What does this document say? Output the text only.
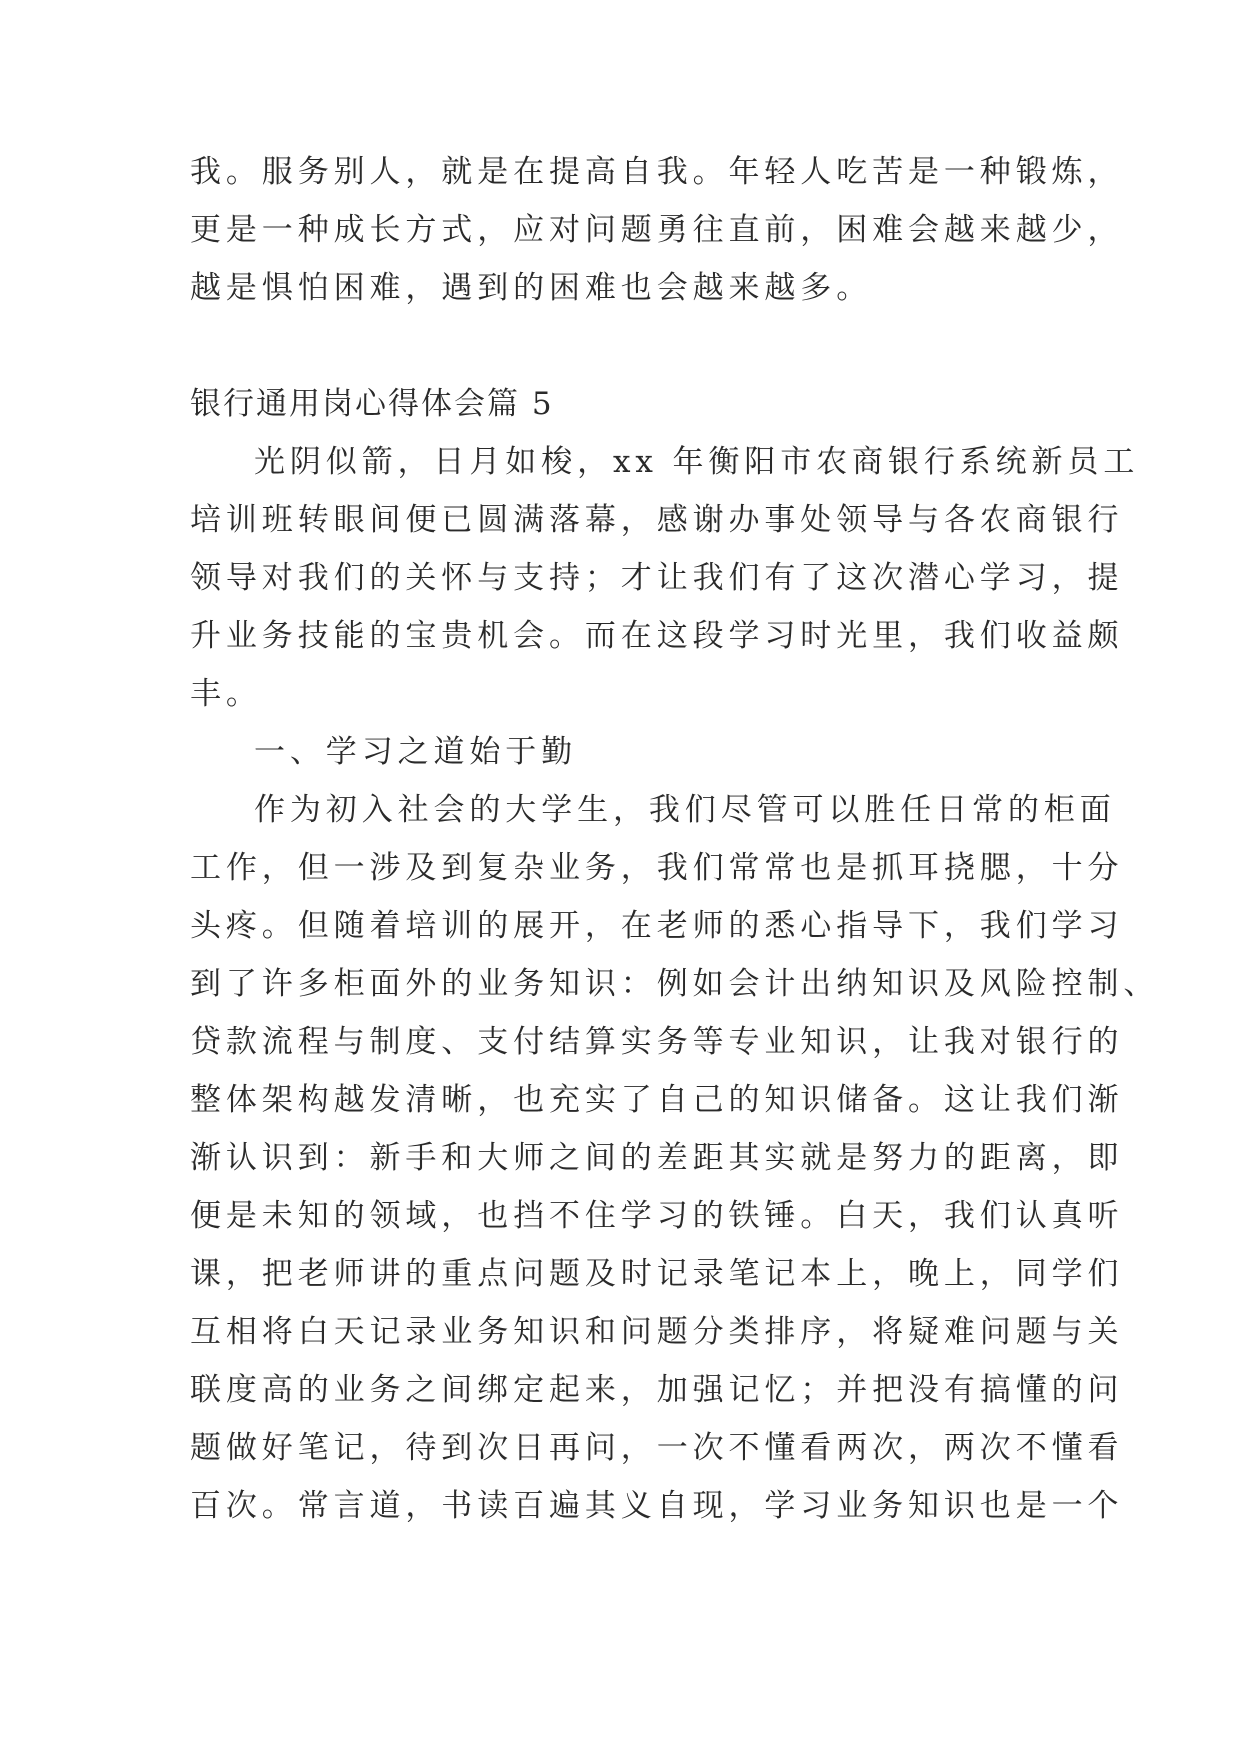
我。服务别人，就是在提高自我。年轻人吃苦是一种锻炼，
更是一种成长方式，应对问题勇往直前，困难会越来越少，
越是惧怕困难，遇到的困难也会越来越多。
银行通用岗心得体会篇 5
光阴似箭，日月如梭，xx 年衡阳市农商银行系统新员工
培训班转眼间便已圆满落幕，感谢办事处领导与各农商银行
领导对我们的关怀与支持；才让我们有了这次潜心学习，提
升业务技能的宝贵机会。而在这段学习时光里，我们收益颇
丰。
一、学习之道始于勤
作为初入社会的大学生，我们尽管可以胜任日常的柜面
工作，但一涉及到复杂业务，我们常常也是抓耳挠腮，十分
头疼。但随着培训的展开，在老师的悉心指导下，我们学习
到了许多柜面外的业务知识：例如会计出纳知识及风险控制、
贷款流程与制度、支付结算实务等专业知识，让我对银行的
整体架构越发清晰，也充实了自己的知识储备。这让我们渐
渐认识到：新手和大师之间的差距其实就是努力的距离，即
便是未知的领域，也挡不住学习的铁锤。白天，我们认真听
课，把老师讲的重点问题及时记录笔记本上，晚上，同学们
互相将白天记录业务知识和问题分类排序，将疑难问题与关
联度高的业务之间绑定起来，加强记忆；并把没有搞懂的问
题做好笔记，待到次日再问，一次不懂看两次，两次不懂看
百次。常言道，书读百遍其义自现，学习业务知识也是一个
